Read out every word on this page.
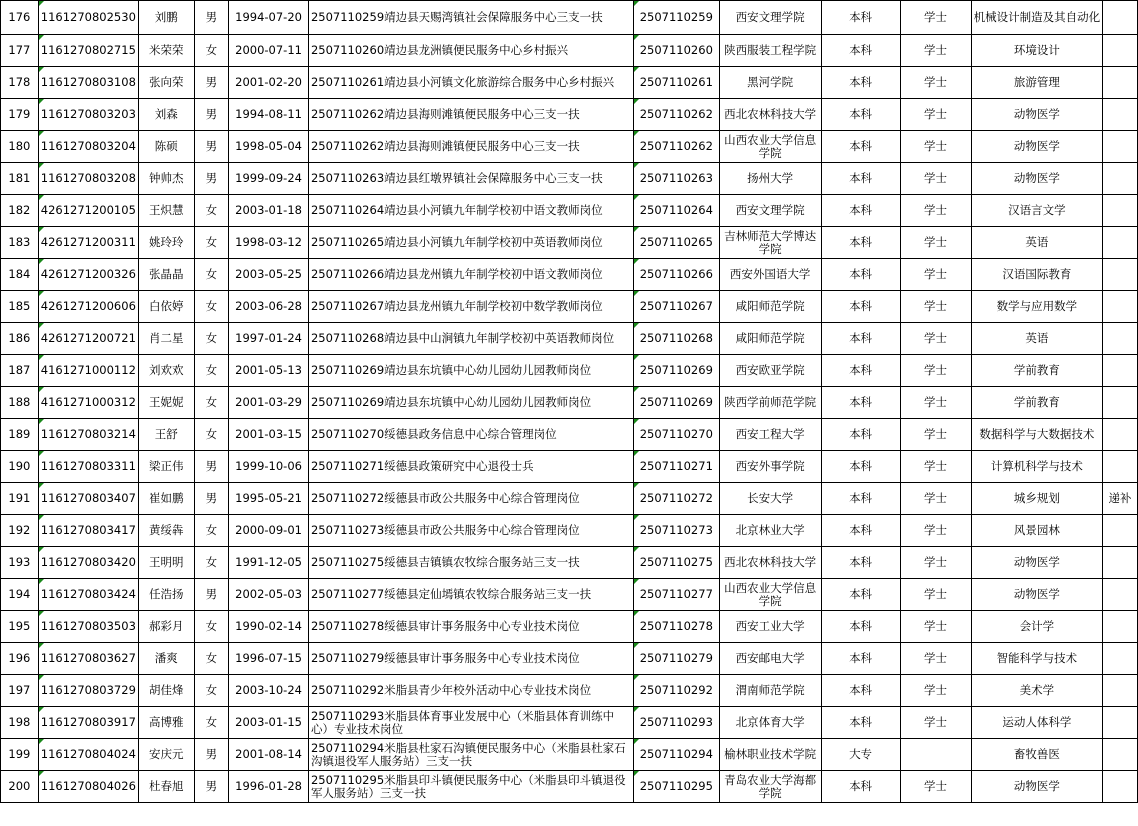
176	1161270802530	刘鹏	男	1994-07-20	2507110259靖边县天赐湾镇社会保障服务中心三支一扶	2507110259	西安文理学院	本科	学士	机械设计制造及其自动化	
177	1161270802715	米荣荣	女	2000-07-11	2507110260靖边县龙洲镇便民服务中心乡村振兴	2507110260	陕西服装工程学院	本科	学士	环境设计	
178	1161270803108	张向荣	男	2001-02-20	2507110261靖边县小河镇文化旅游综合服务中心乡村振兴	2507110261	黑河学院	本科	学士	旅游管理	
179	1161270803203	刘森	男	1994-08-11	2507110262靖边县海则滩镇便民服务中心三支一扶	2507110262	西北农林科技大学	本科	学士	动物医学	
180	1161270803204	陈硕	男	1998-05-04	2507110262靖边县海则滩镇便民服务中心三支一扶	2507110262	山西农业大学信息学院	本科	学士	动物医学	
181	1161270803208	钟帅杰	男	1999-09-24	2507110263靖边县红墩界镇社会保障服务中心三支一扶	2507110263	扬州大学	本科	学士	动物医学	
182	4261271200105	王炽慧	女	2003-01-18	2507110264靖边县小河镇九年制学校初中语文教师岗位	2507110264	西安文理学院	本科	学士	汉语言文学	
183	4261271200311	姚玲玲	女	1998-03-12	2507110265靖边县小河镇九年制学校初中英语教师岗位	2507110265	吉林师范大学博达学院	本科	学士	英语	
184	4261271200326	张晶晶	女	2003-05-25	2507110266靖边县龙州镇九年制学校初中语文教师岗位	2507110266	西安外国语大学	本科	学士	汉语国际教育	
185	4261271200606	白依婷	女	2003-06-28	2507110267靖边县龙州镇九年制学校初中数学教师岗位	2507110267	咸阳师范学院	本科	学士	数学与应用数学	
186	4261271200721	肖二星	女	1997-01-24	2507110268靖边县中山涧镇九年制学校初中英语教师岗位	2507110268	咸阳师范学院	本科	学士	英语	
187	4161271000112	刘欢欢	女	2001-05-13	2507110269靖边县东坑镇中心幼儿园幼儿园教师岗位	2507110269	西安欧亚学院	本科	学士	学前教育	
188	4161271000312	王妮妮	女	2001-03-29	2507110269靖边县东坑镇中心幼儿园幼儿园教师岗位	2507110269	陕西学前师范学院	本科	学士	学前教育	
189	1161270803214	王舒	女	2001-03-15	2507110270绥德县政务信息中心综合管理岗位	2507110270	西安工程大学	本科	学士	数据科学与大数据技术	
190	1161270803311	梁正伟	男	1999-10-06	2507110271绥德县政策研究中心退役士兵	2507110271	西安外事学院	本科	学士	计算机科学与技术	
191	1161270803407	崔如鹏	男	1995-05-21	2507110272绥德县市政公共服务中心综合管理岗位	2507110272	长安大学	本科	学士	城乡规划	递补
192	1161270803417	黄绥犇	女	2000-09-01	2507110273绥德县市政公共服务中心综合管理岗位	2507110273	北京林业大学	本科	学士	风景园林	
193	1161270803420	王明明	女	1991-12-05	2507110275绥德县吉镇镇农牧综合服务站三支一扶	2507110275	西北农林科技大学	本科	学士	动物医学	
194	1161270803424	任浩扬	男	2002-05-03	2507110277绥德县定仙墕镇农牧综合服务站三支一扶	2507110277	山西农业大学信息学院	本科	学士	动物医学	
195	1161270803503	郝彩月	女	1990-02-14	2507110278绥德县审计事务服务中心专业技术岗位	2507110278	西安工业大学	本科	学士	会计学	
196	1161270803627	潘爽	女	1996-07-15	2507110279绥德县审计事务服务中心专业技术岗位	2507110279	西安邮电大学	本科	学士	智能科学与技术	
197	1161270803729	胡佳烽	女	2003-10-24	2507110292米脂县青少年校外活动中心专业技术岗位	2507110292	渭南师范学院	本科	学士	美术学	
198	1161270803917	高博雅	女	2003-01-15	2507110293米脂县体育事业发展中心（米脂县体育训练中心）专业技术岗位	2507110293	北京体育大学	本科	学士	运动人体科学	
199	1161270804024	安庆元	男	2001-08-14	2507110294米脂县杜家石沟镇便民服务中心（米脂县杜家石沟镇退役军人服务站）三支一扶	2507110294	榆林职业技术学院	大专		畜牧兽医	
200	1161270804026	杜春旭	男	1996-01-28	2507110295米脂县印斗镇便民服务中心（米脂县印斗镇退役军人服务站）三支一扶	2507110295	青岛农业大学海都学院	本科	学士	动物医学	
